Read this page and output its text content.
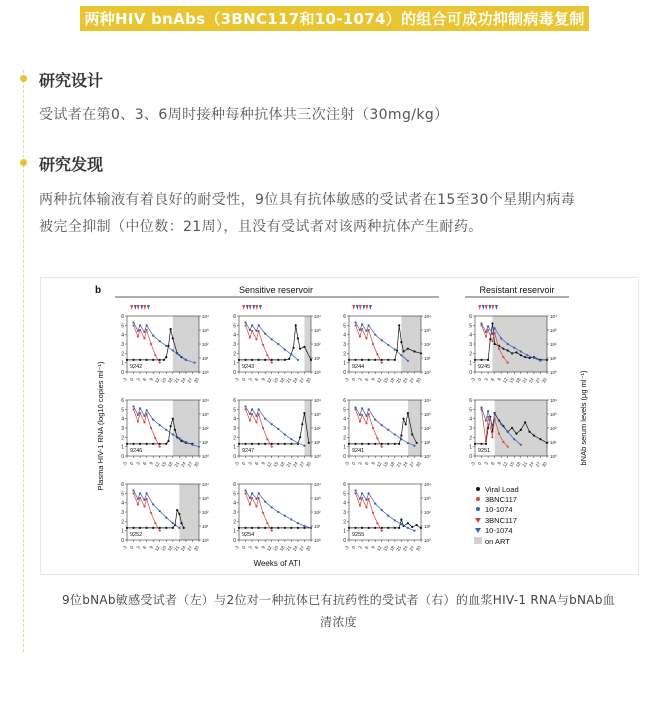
两种HIV bnAbs（3BNC117和10-1074）的组合可成功抑制病毒复制
研究设计
受试者在第0、3、6周时接种每种抗体共三次注射（30mg/kg）
研究发现
两种抗体输液有着良好的耐受性，9位具有抗体敏感的受试者在15至30个星期内病毒
被完全抑制（中位数：21周），且没有受试者对该两种抗体产生耐药。
b	Sensitive reservoir	Resistant reservoir
Plasma HIV-1 RNA (log10 copies ml⁻¹)	bNAb serum levels (μg ml⁻¹)
Weeks of ATI
0
1
2
3
4
5
6
10⁰
10¹
10²
10³
10⁴
-3 0 3 6 9 12 15 18 21 24 27 30
9242
0
1
2
3
4
5
6
10⁰
10¹
10²
10³
10⁴
-3 0 3 6 9 12 15 18 21 24 27 30
9243
0
1
2
3
4
5
6
10⁰
10¹
10²
10³
10⁴
-3 0 3 6 9 12 15 18 21 24 27 30
9244
0
1
2
3
4
5
6
10⁰
10¹
10²
10³
10⁴
-3 0 3 6 9 12 15 18 21 24 27 30
9245
0
1
2
3
4
5
6
10⁰
10¹
10²
10³
10⁴
-3 0 3 6 9 12 15 18 21 24 27 30
9246
0
1
2
3
4
5
6
10⁰
10¹
10²
10³
10⁴
-3 0 3 6 9 12 15 18 21 24 27 30
9247
0
1
2
3
4
5
6
10⁰
10¹
10²
10³
10⁴
-3 0 3 6 9 12 15 18 21 24 27 30
9241
0
1
2
3
4
5
6
10⁰
10¹
10²
10³
10⁴
-3 0 3 6 9 12 15 18 21 24 27 30
9251
0
1
2
3
4
5
6
10⁰
10¹
10²
10³
10⁴
-3 0 3 6 9 12 15 18 21 24 27 30
9252
0
1
2
3
4
5
6
10⁰
10¹
10²
10³
10⁴
-3 0 3 6 9 12 15 18 21 24 27 30
9254
0
1
2
3
4
5
6
10⁰
10¹
10²
10³
10⁴
-3 0 3 6 9 12 15 18 21 24 27 30
9255
Viral Load
3BNC117
10-1074
3BNC117
10-1074
on ART
9位bNAb敏感受试者（左）与2位对一种抗体已有抗药性的受试者（右）的血浆HIV-1 RNA与bNAb血
清浓度
